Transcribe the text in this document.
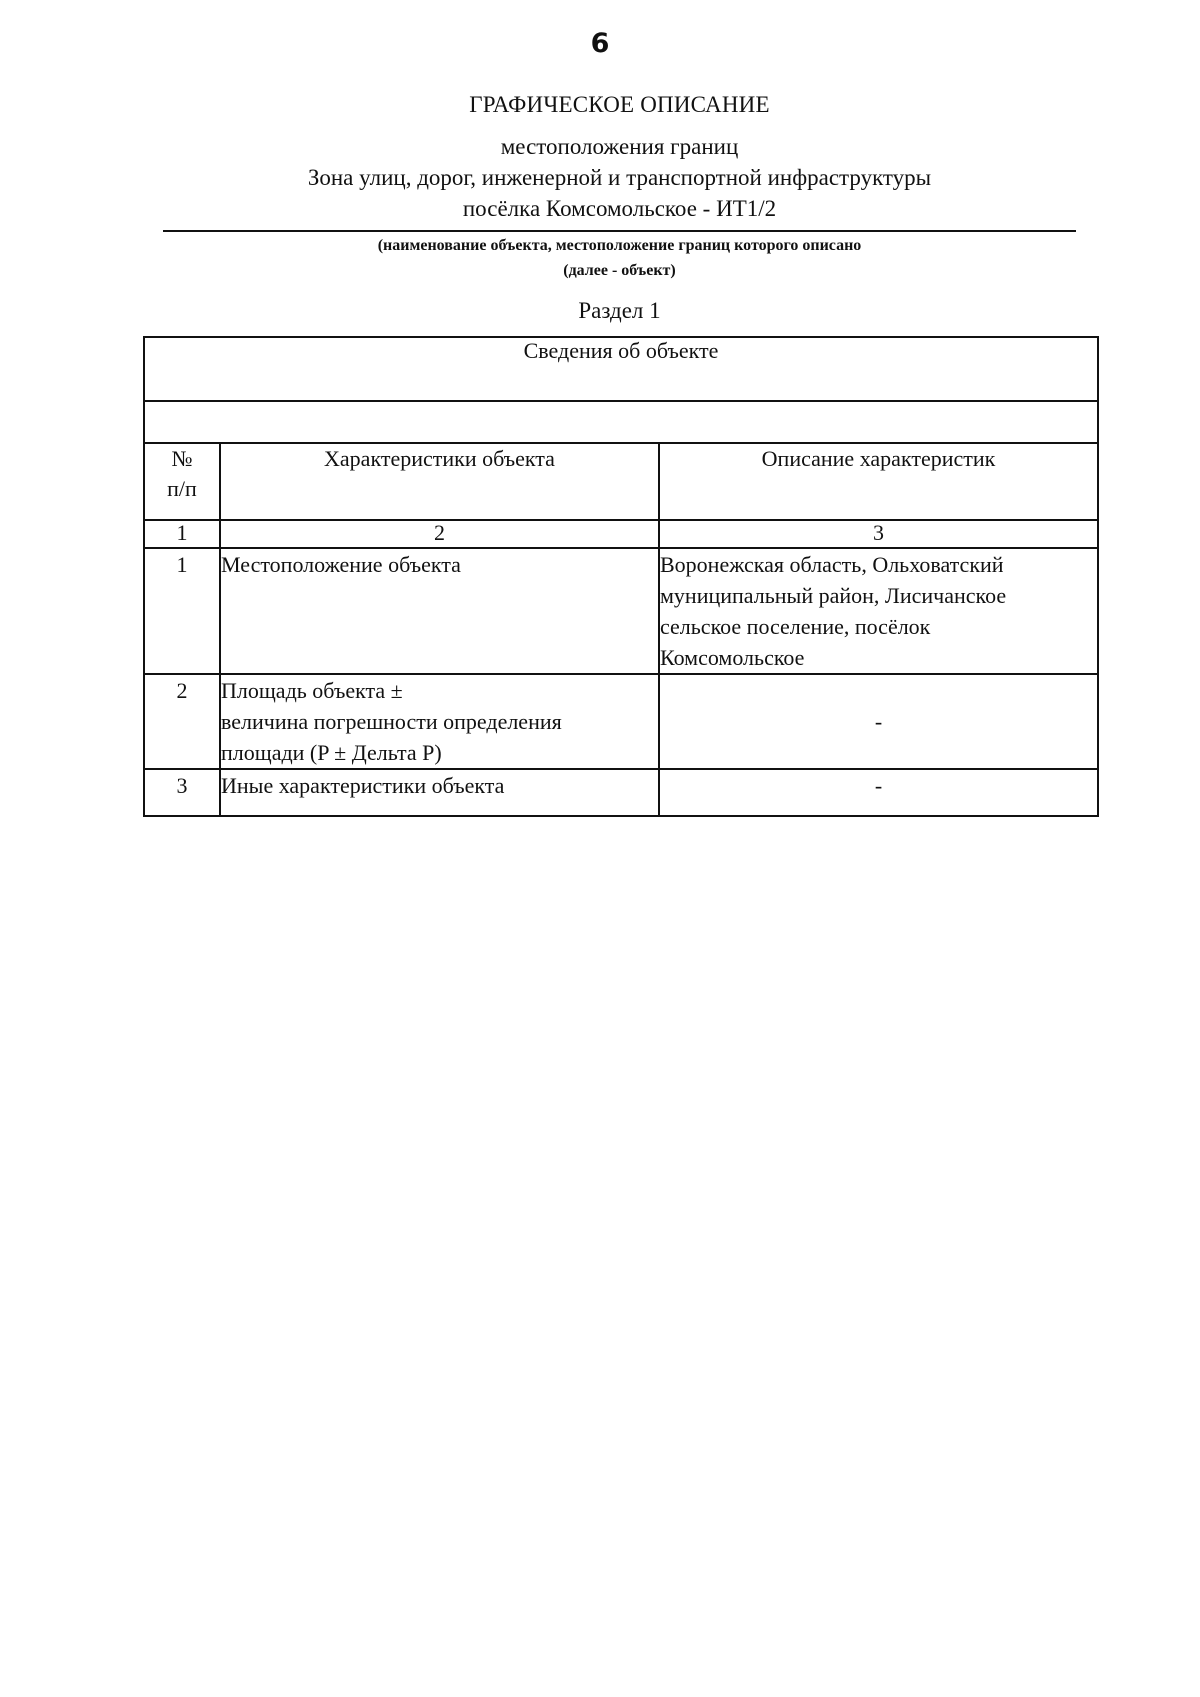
6
ГРАФИЧЕСКОЕ ОПИСАНИЕ
местоположения границ
Зона улиц, дорог, инженерной и транспортной инфраструктуры
посёлка Комсомольское - ИТ1/2
(наименование объекта, местоположение границ которого описано
(далее - объект)
Раздел 1
Сведения об объекте		

№
п/п	Характеристики объекта	Описание характеристик
1	2	3
1	Местоположение объекта	Воронежская область, Ольховатский
муниципальный район, Лисичанское
сельское поселение, посёлок
Комсомольское
2	Площадь объекта ±
величина погрешности определения
площади (P ± Дельта P)	-
3	Иные характеристики объекта	-
